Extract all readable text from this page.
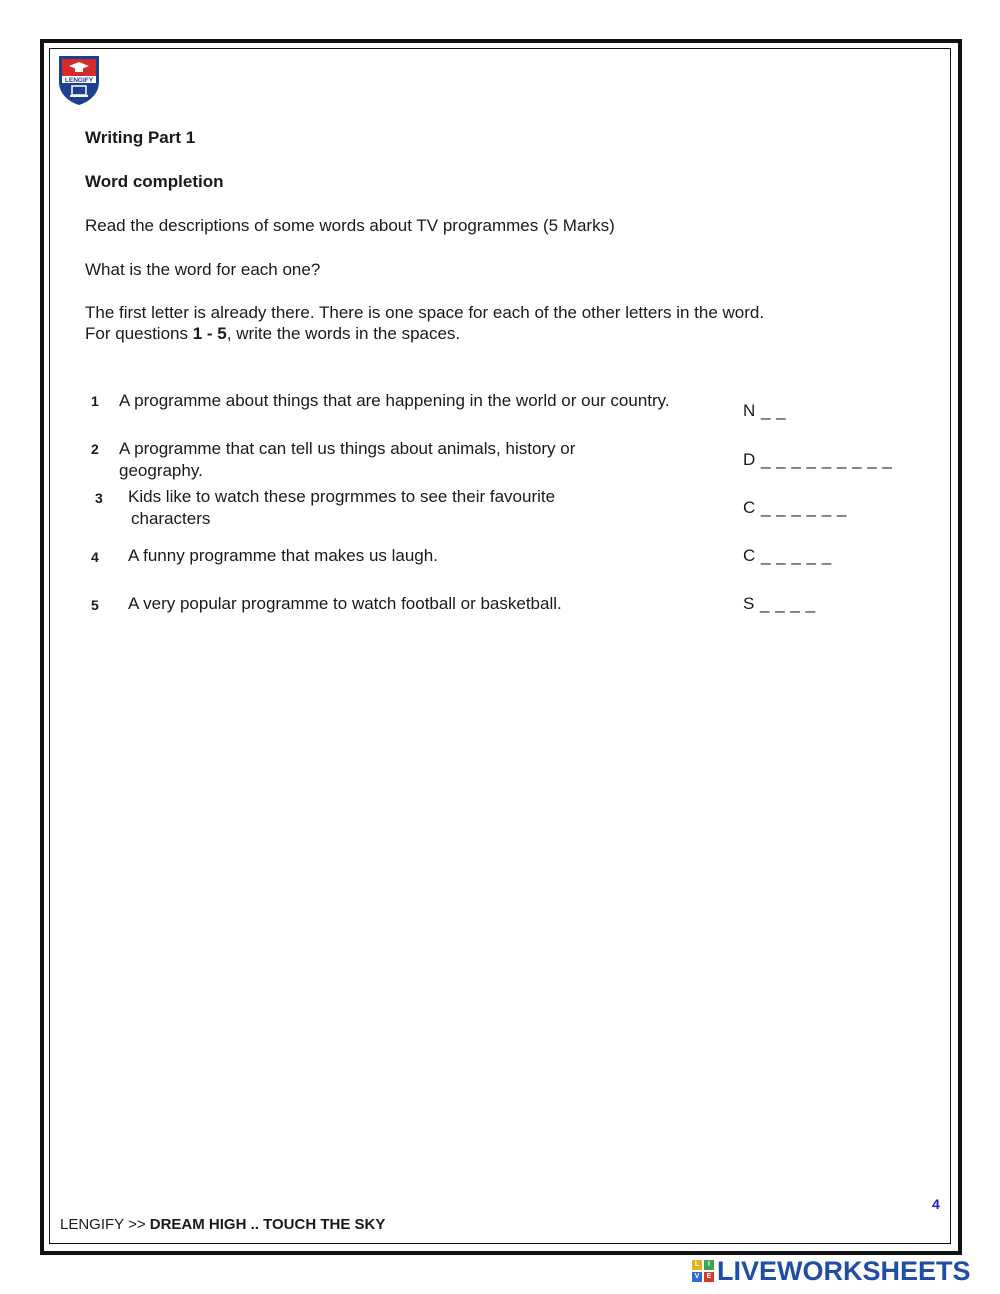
LENGIFY
Writing Part 1
Word completion
Read the descriptions of some words about TV programmes (5 Marks)
What is the word for each one?
The first letter is already there. There is one space for each of the other letters in the word.
For questions 1 - 5, write the words in the spaces.
1 A programme about things that are happening in the world or our country.
N _ _
2 A programme that can tell us things about animals, history or geography.
D _ _ _ _ _ _ _ _ _
3 Kids like to watch these progrmmes to see their favourite
characters
C _ _ _ _ _ _
4 A funny programme that makes us laugh.	C _ _ _ _ _
5 A very popular programme to watch football or basketball.	S _ _ _ _
4
LENGIFY >> DREAM HIGH .. TOUCH THE SKY
L	I
V	E LIVEWORKSHEETS
